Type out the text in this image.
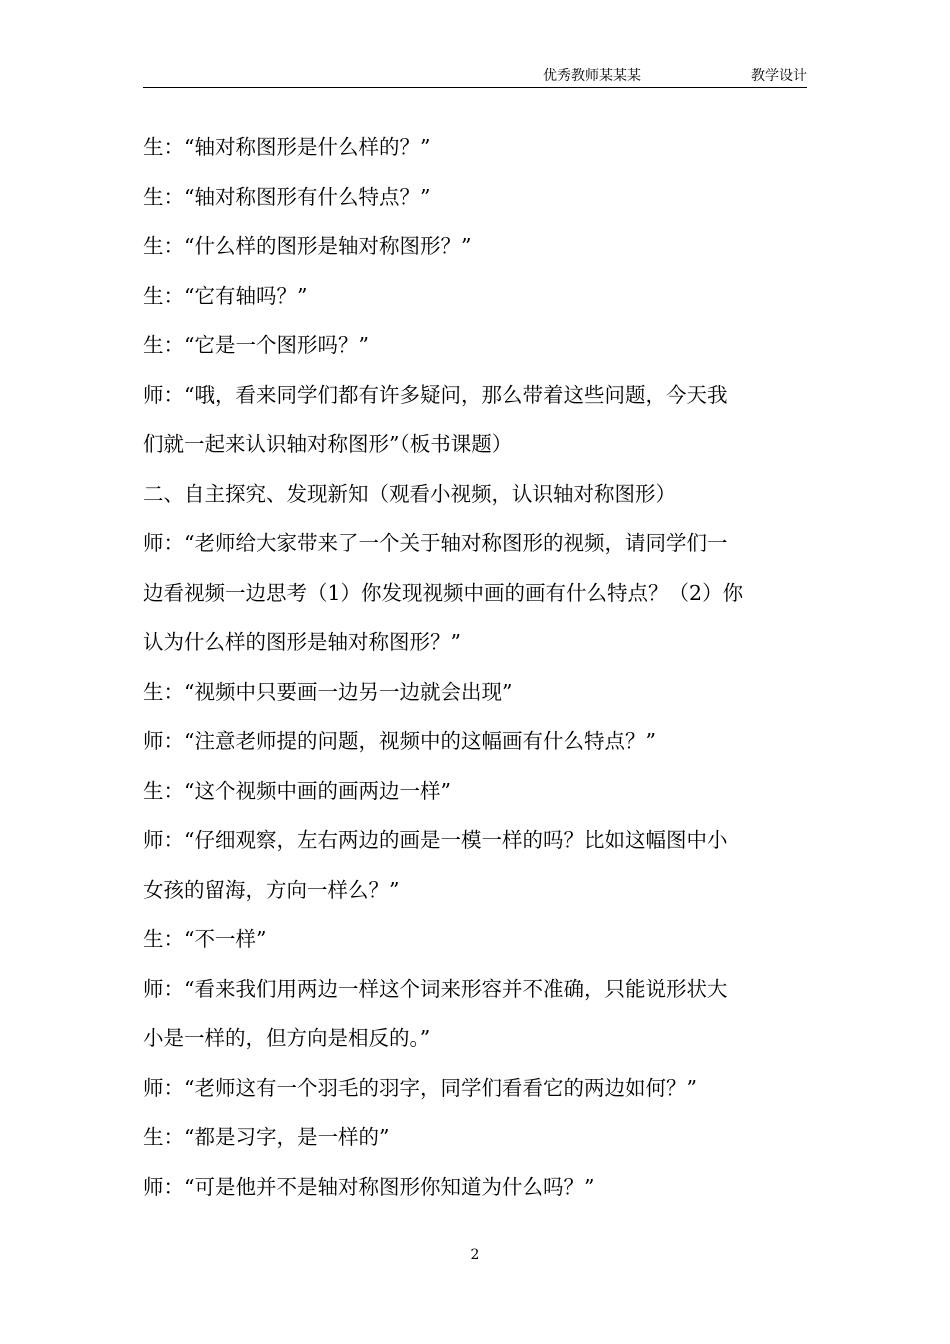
优秀教师某某某	教学设计
生：“轴对称图形是什么样的？”
生：“轴对称图形有什么特点？”
生：“什么样的图形是轴对称图形？”
生：“它有轴吗？”
生：“它是一个图形吗？”
师：“哦，看来同学们都有许多疑问，那么带着这些问题，今天我
们就一起来认识轴对称图形”（板书课题）
二、自主探究、发现新知（观看小视频，认识轴对称图形）
师：“老师给大家带来了一个关于轴对称图形的视频，请同学们一
边看视频一边思考（1）你发现视频中画的画有什么特点？（2）你
认为什么样的图形是轴对称图形？”
生：“视频中只要画一边另一边就会出现”
师：“注意老师提的问题，视频中的这幅画有什么特点？”
生：“这个视频中画的画两边一样”
师：“仔细观察，左右两边的画是一模一样的吗？比如这幅图中小
女孩的留海，方向一样么？”
生：“不一样”
师：“看来我们用两边一样这个词来形容并不准确，只能说形状大
小是一样的，但方向是相反的。”
师：“老师这有一个羽毛的羽字，同学们看看它的两边如何？”
生：“都是习字，是一样的”
师：“可是他并不是轴对称图形你知道为什么吗？”
2
